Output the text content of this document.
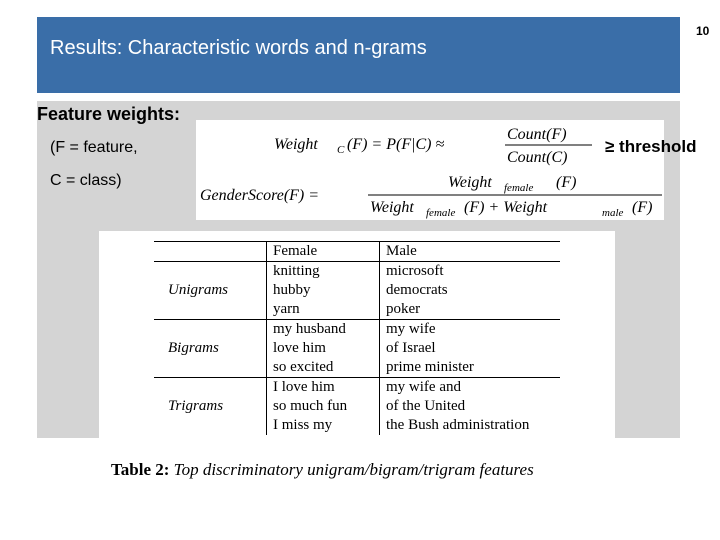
Results: Characteristic words and n-grams
10
Feature weights:
(F = feature,
C = class)
Weight C (F) = P(F|C) ≈
Count(F)
Count(C)
GenderScore(F) =
Weight female (F)
Weight female (F) + Weight	male (F)
≥ threshold
	Female	Male
Unigrams	knitting	microsoft
	hubby	democrats
	yarn	poker
Bigrams	my husband	my wife
	love him	of Israel
	so excited	prime minister
Trigrams	I love him	my wife and
	so much fun	of the United
	I miss my	the Bush administration
Table 2: Top discriminatory unigram/bigram/trigram features
